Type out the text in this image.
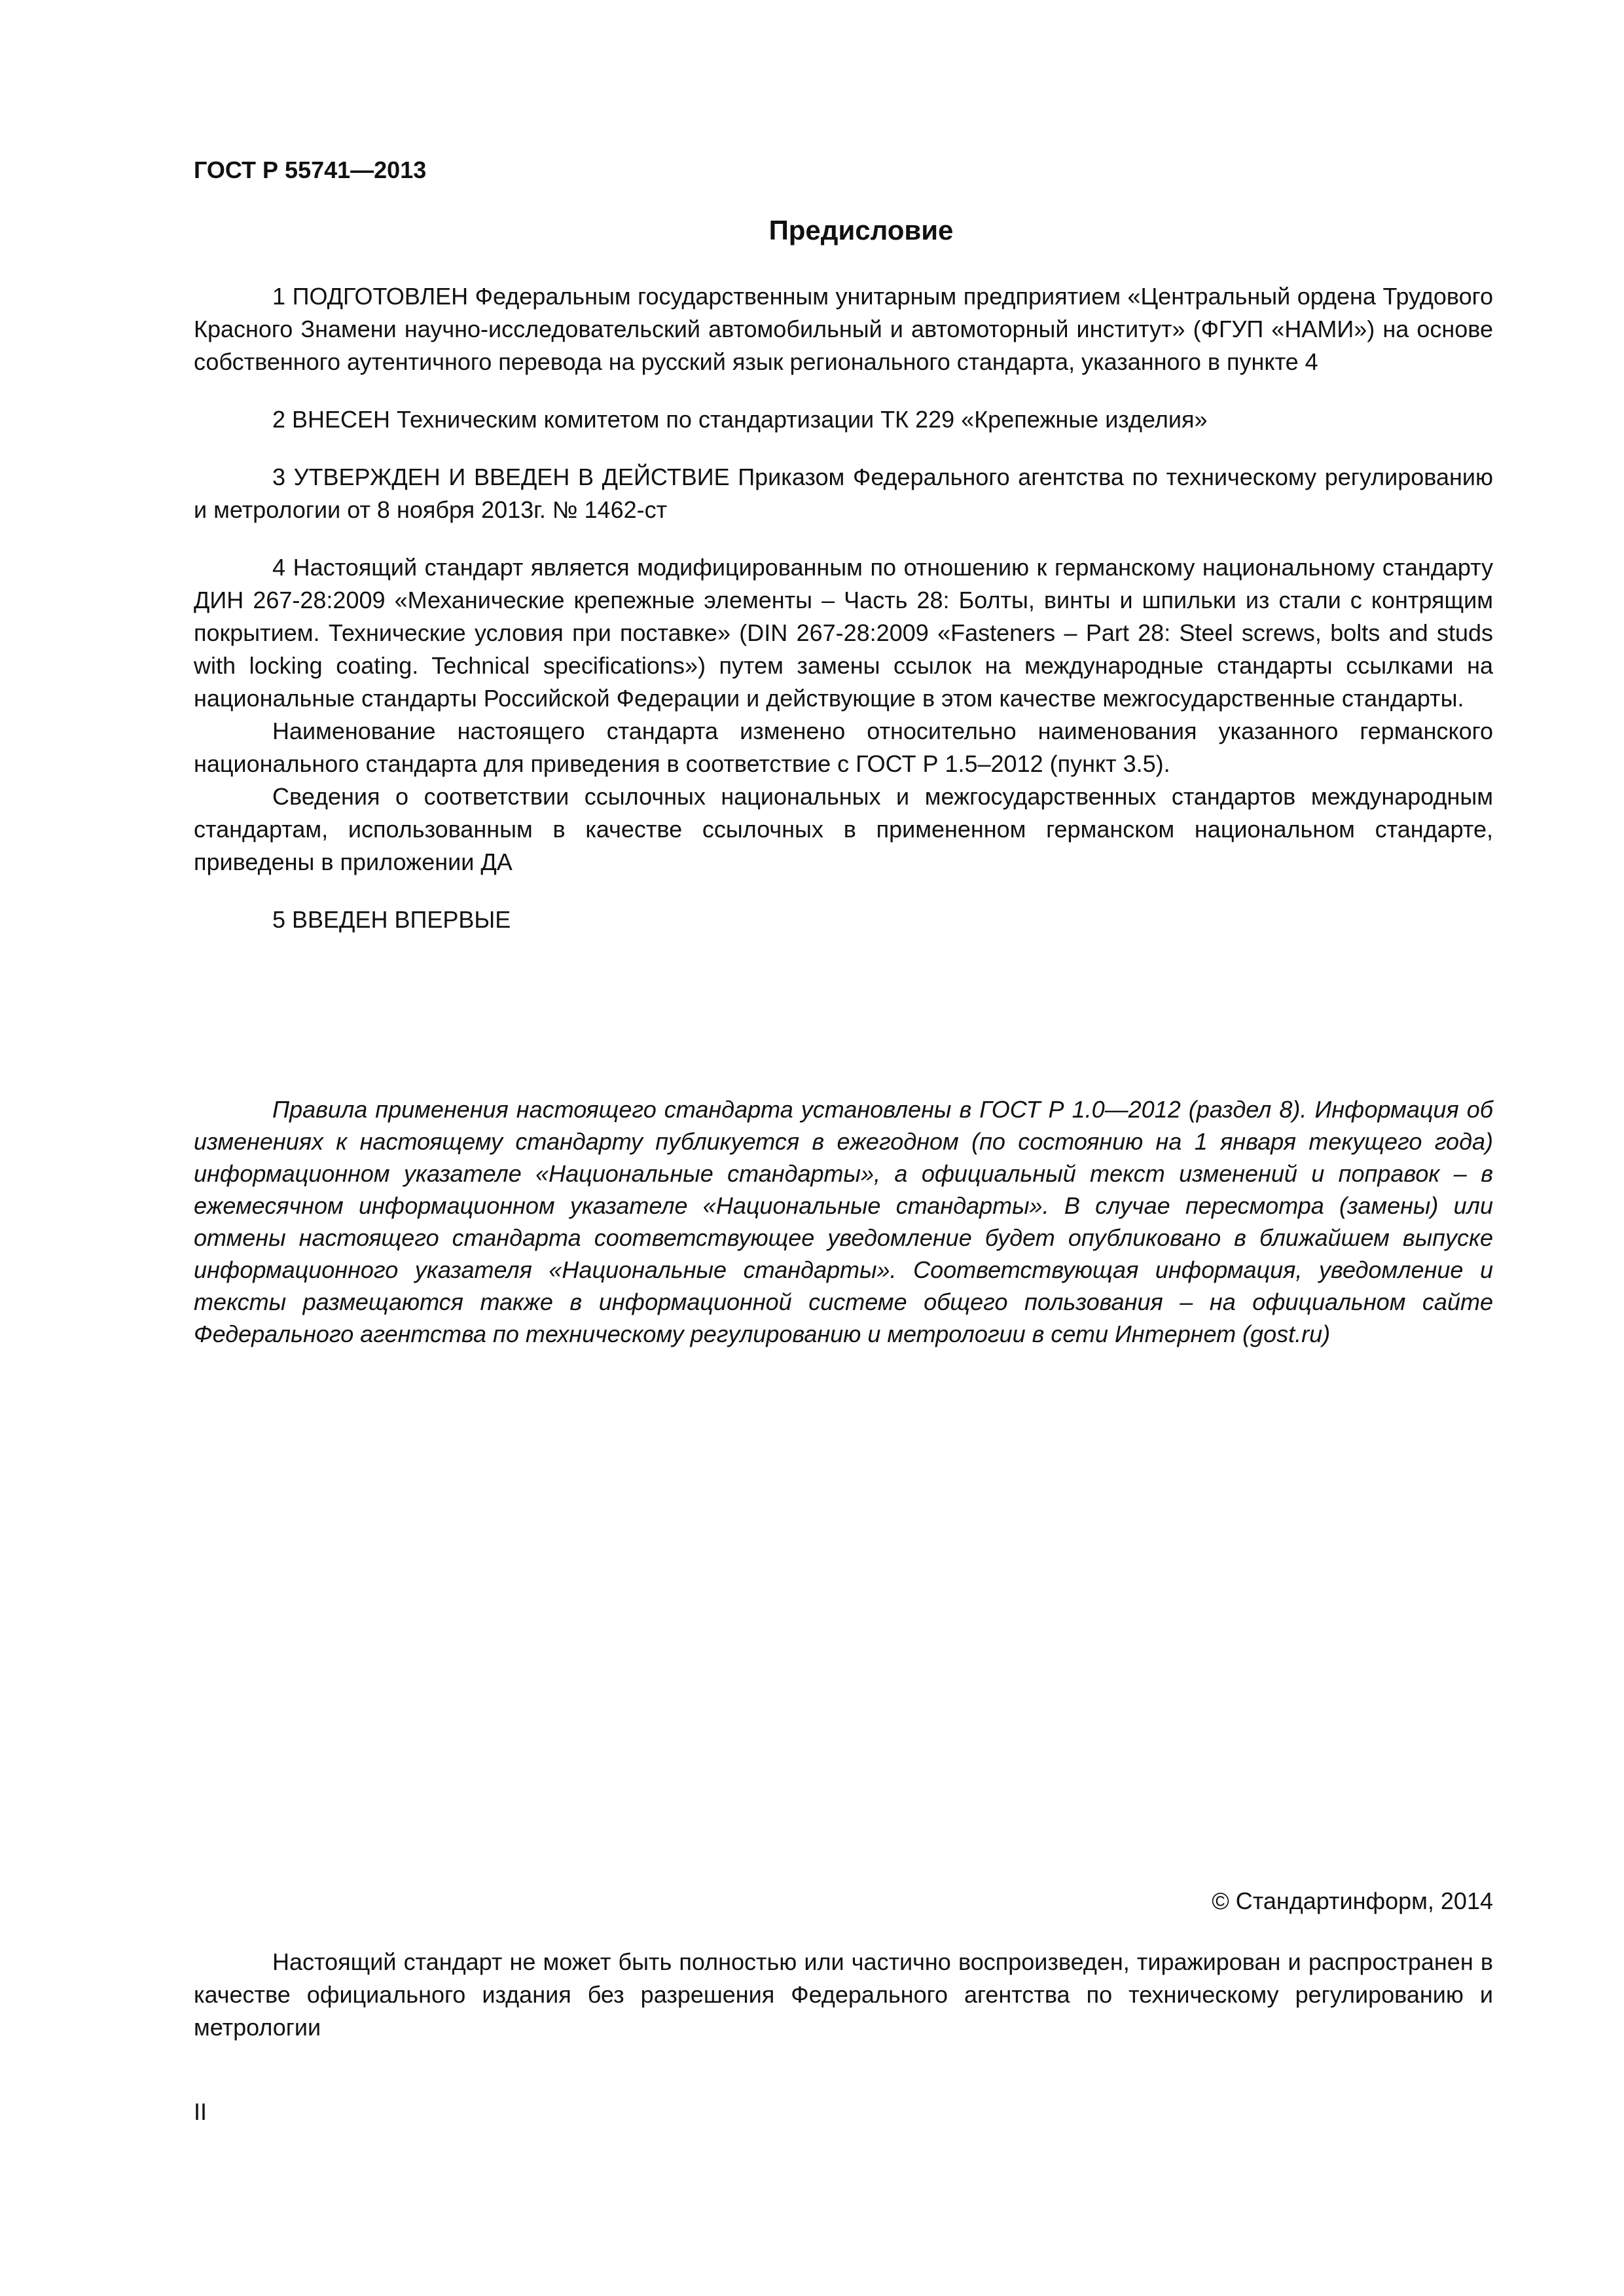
ГОСТ Р 55741—2013

Предисловие

1 ПОДГОТОВЛЕН Федеральным государственным унитарным предприятием «Центральный ордена Трудового Красного Знамени научно-исследовательский автомобильный и автомоторный институт» (ФГУП «НАМИ») на основе собственного аутентичного перевода на русский язык регионального стандарта, указанного в пункте 4

2 ВНЕСЕН Техническим комитетом по стандартизации ТК 229 «Крепежные изделия»

3 УТВЕРЖДЕН И ВВЕДЕН В ДЕЙСТВИЕ Приказом Федерального агентства по техническому регулированию и метрологии от 8 ноября 2013г. № 1462-ст

4 Настоящий стандарт является модифицированным по отношению к германскому национальному стандарту ДИН 267-28:2009 «Механические крепежные элементы – Часть 28: Болты, винты и шпильки из стали с контрящим покрытием. Технические условия при поставке» (DIN 267-28:2009 «Fasteners – Part 28: Steel screws, bolts and studs with locking coating. Technical specifications») путем замены ссылок на международные стандарты ссылками на национальные стандарты Российской Федерации и действующие в этом качестве межгосударственные стандарты.

Наименование настоящего стандарта изменено относительно наименования указанного германского национального стандарта для приведения в соответствие с ГОСТ Р 1.5–2012 (пункт 3.5).

Сведения о соответствии ссылочных национальных и межгосударственных стандартов международным стандартам, использованным в качестве ссылочных в примененном германском национальном стандарте, приведены в приложении ДА

5 ВВЕДЕН ВПЕРВЫЕ

Правила применения настоящего стандарта установлены в ГОСТ Р 1.0—2012 (раздел 8). Информация об изменениях к настоящему стандарту публикуется в ежегодном (по состоянию на 1 января текущего года) информационном указателе «Национальные стандарты», а официальный текст изменений и поправок – в ежемесячном информационном указателе «Национальные стандарты». В случае пересмотра (замены) или отмены настоящего стандарта соответствующее уведомление будет опубликовано в ближайшем выпуске информационного указателя «Национальные стандарты». Соответствующая информация, уведомление и тексты размещаются также в информационной системе общего пользования – на официальном сайте Федерального агентства по техническому регулированию и метрологии в сети Интернет (gost.ru)

© Стандартинформ, 2014

Настоящий стандарт не может быть полностью или частично воспроизведен, тиражирован и распространен в качестве официального издания без разрешения Федерального агентства по техническому регулированию и метрологии

II
